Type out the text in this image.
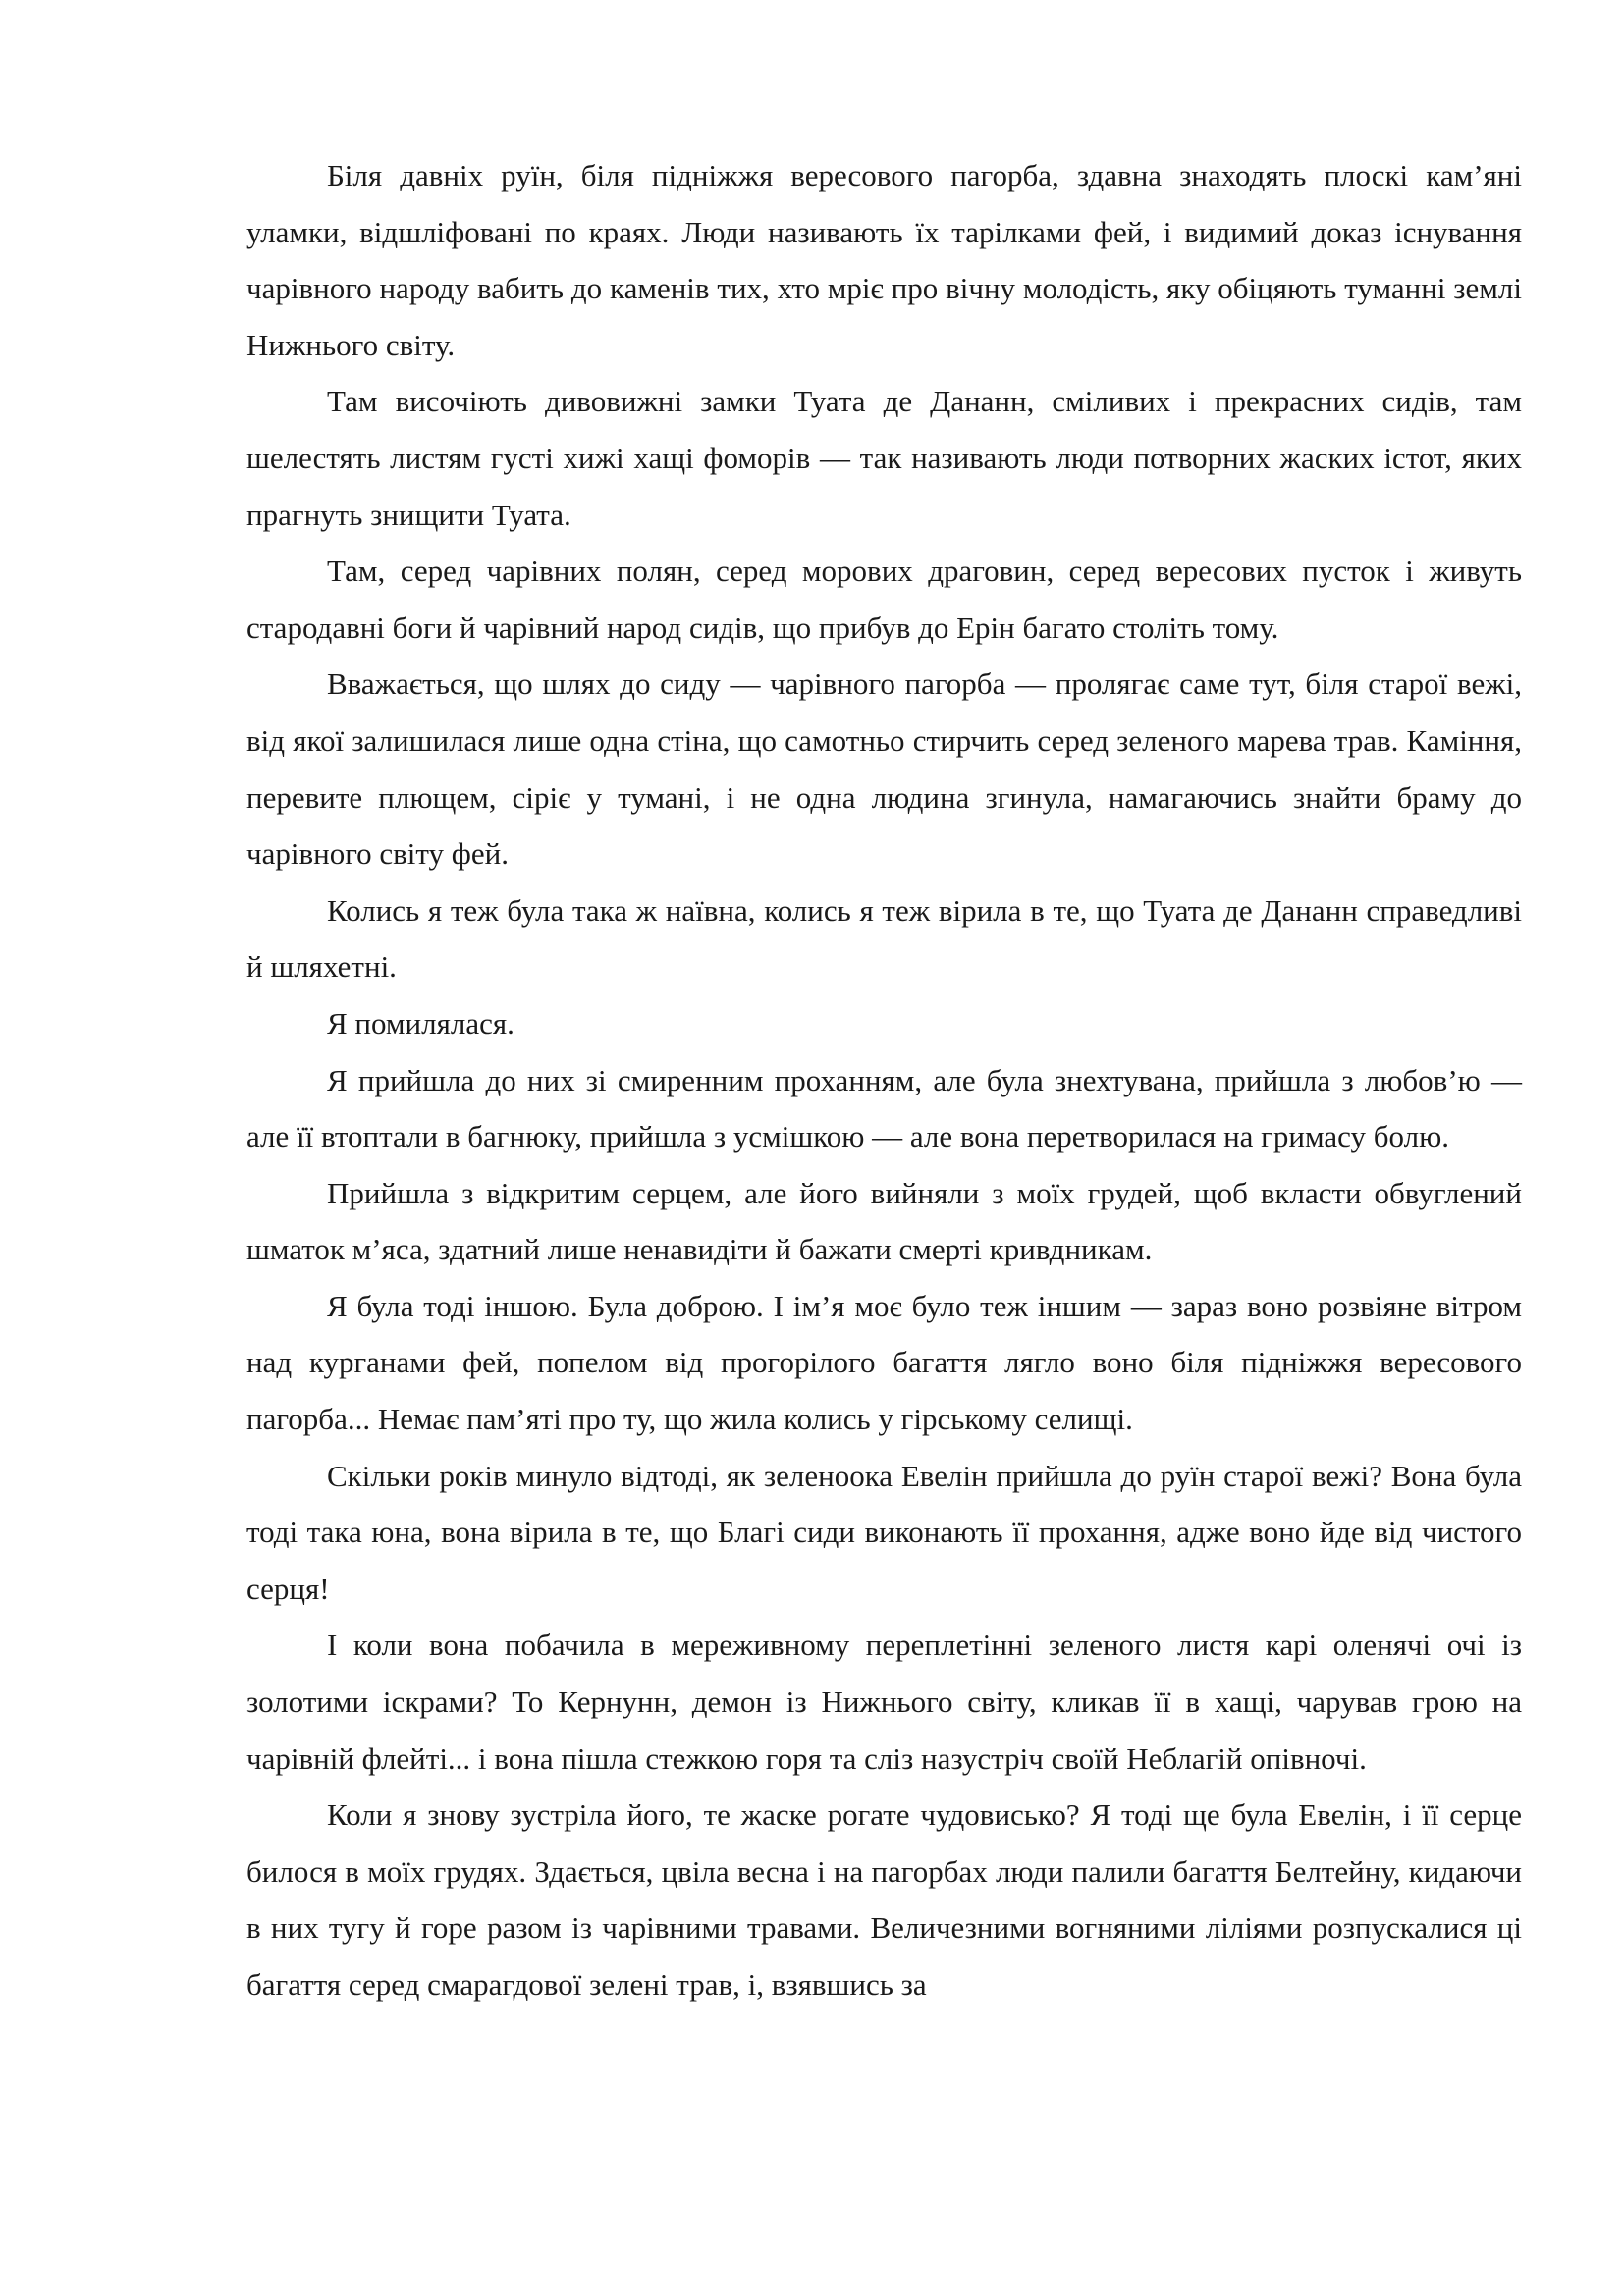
Біля давніх руїн, біля підніжжя вересового пагорба, здавна знаходять плоскі кам’яні уламки, відшліфовані по краях. Люди називають їх тарілками фей, і видимий доказ існування чарівного народу вабить до каменів тих, хто мріє про вічну молодість, яку обіцяють туманні землі Нижнього світу.

Там височіють дивовижні замки Туата де Дананн, сміливих і прекрасних сидів, там шелестять листям густі хижі хащі фоморів — так називають люди потворних жаских істот, яких прагнуть знищити Туата.

Там, серед чарівних полян, серед морових драговин, серед вересових пусток і живуть стародавні боги й чарівний народ сидів, що прибув до Ерін багато століть тому.

Вважається, що шлях до сиду — чарівного пагорба — пролягає саме тут, біля старої вежі, від якої залишилася лише одна стіна, що самотньо стирчить серед зеленого марева трав. Каміння, перевите плющем, сіріє у тумані, і не одна людина згинула, намагаючись знайти браму до чарівного світу фей.

Колись я теж була така ж наївна, колись я теж вірила в те, що Туата де Дананн справедливі й шляхетні.

Я помилялася.

Я прийшла до них зі смиренним проханням, але була знехтувана, прийшла з любов’ю — але її втоптали в багнюку, прийшла з усмішкою — але вона перетворилася на гримасу болю.

Прийшла з відкритим серцем, але його вийняли з моїх грудей, щоб вкласти обвуглений шматок м’яса, здатний лише ненавидіти й бажати смерті кривдникам.

Я була тоді іншою. Була доброю. І ім’я моє було теж іншим — зараз воно розвіяне вітром над курганами фей, попелом від прогорілого багаття лягло воно біля підніжжя вересового пагорба... Немає пам’яті про ту, що жила колись у гірському селищі.

Скільки років минуло відтоді, як зеленоока Евелін прийшла до руїн старої вежі? Вона була тоді така юна, вона вірила в те, що Благі сиди виконають її прохання, адже воно йде від чистого серця!

І коли вона побачила в мереживному переплетінні зеленого листя карі оленячі очі із золотими іскрами? То Кернунн, демон із Нижнього світу, кликав її в хащі, чарував грою на чарівній флейті... і вона пішла стежкою горя та сліз назустріч своїй Неблагій опівночі.

Коли я знову зустріла його, те жаске рогате чудовисько? Я тоді ще була Евелін, і її серце билося в моїх грудях. Здається, цвіла весна і на пагорбах люди палили багаття Белтейну, кидаючи в них тугу й горе разом із чарівними травами. Величезними вогняними ліліями розпускалися ці багаття серед смарагдової зелені трав, і, взявшись за
